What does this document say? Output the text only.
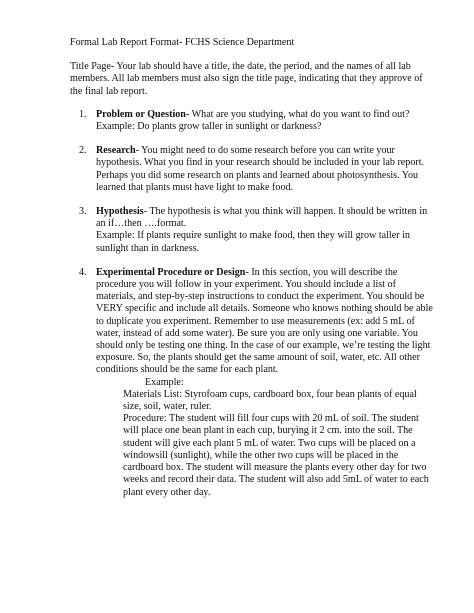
Formal Lab Report Format- FCHS Science Department

Title Page- Your lab should have a title, the date, the period, and the names of all lab members. All lab members must also sign the title page, indicating that they approve of the final lab report.

1. Problem or Question- What are you studying, what do you want to find out?

Example: Do plants grow taller in sunlight or darkness?

2. Research- You might need to do some research before you can write your hypothesis. What you find in your research should be included in your lab report. Perhaps you did some research on plants and learned about photosynthesis. You learned that plants must have light to make food.

3. Hypothesis- The hypothesis is what you think will happen. It should be written in an if…then ….format.

Example: If plants require sunlight to make food, then they will grow taller in sunlight than in darkness.

4. Experimental Procedure or Design- In this section, you will describe the procedure you will follow in your experiment. You should include a list of materials, and step-by-step instructions to conduct the experiment. You should be VERY specific and include all details. Someone who knows nothing should be able to duplicate you experiment. Remember to use measurements (ex: add 5 mL of water, instead of add some water). Be sure you are only using one variable. You should only be testing one thing. In the case of our example, we’re testing the light exposure. So, the plants should get the same amount of soil, water, etc. All other conditions should be the same for each plant.

Example:

Materials List: Styrofoam cups, cardboard box, four bean plants of equal size, soil, water, ruler.

Procedure: The student will fill four cups with 20 mL of soil. The student will place one bean plant in each cup, burying it 2 cm. into the soil. The student will give each plant 5 mL of water. Two cups will be placed on a windowsill (sunlight), while the other two cups will be placed in the cardboard box. The student will measure the plants every other day for two weeks and record their data. The student will also add 5mL of water to each plant every other day.
